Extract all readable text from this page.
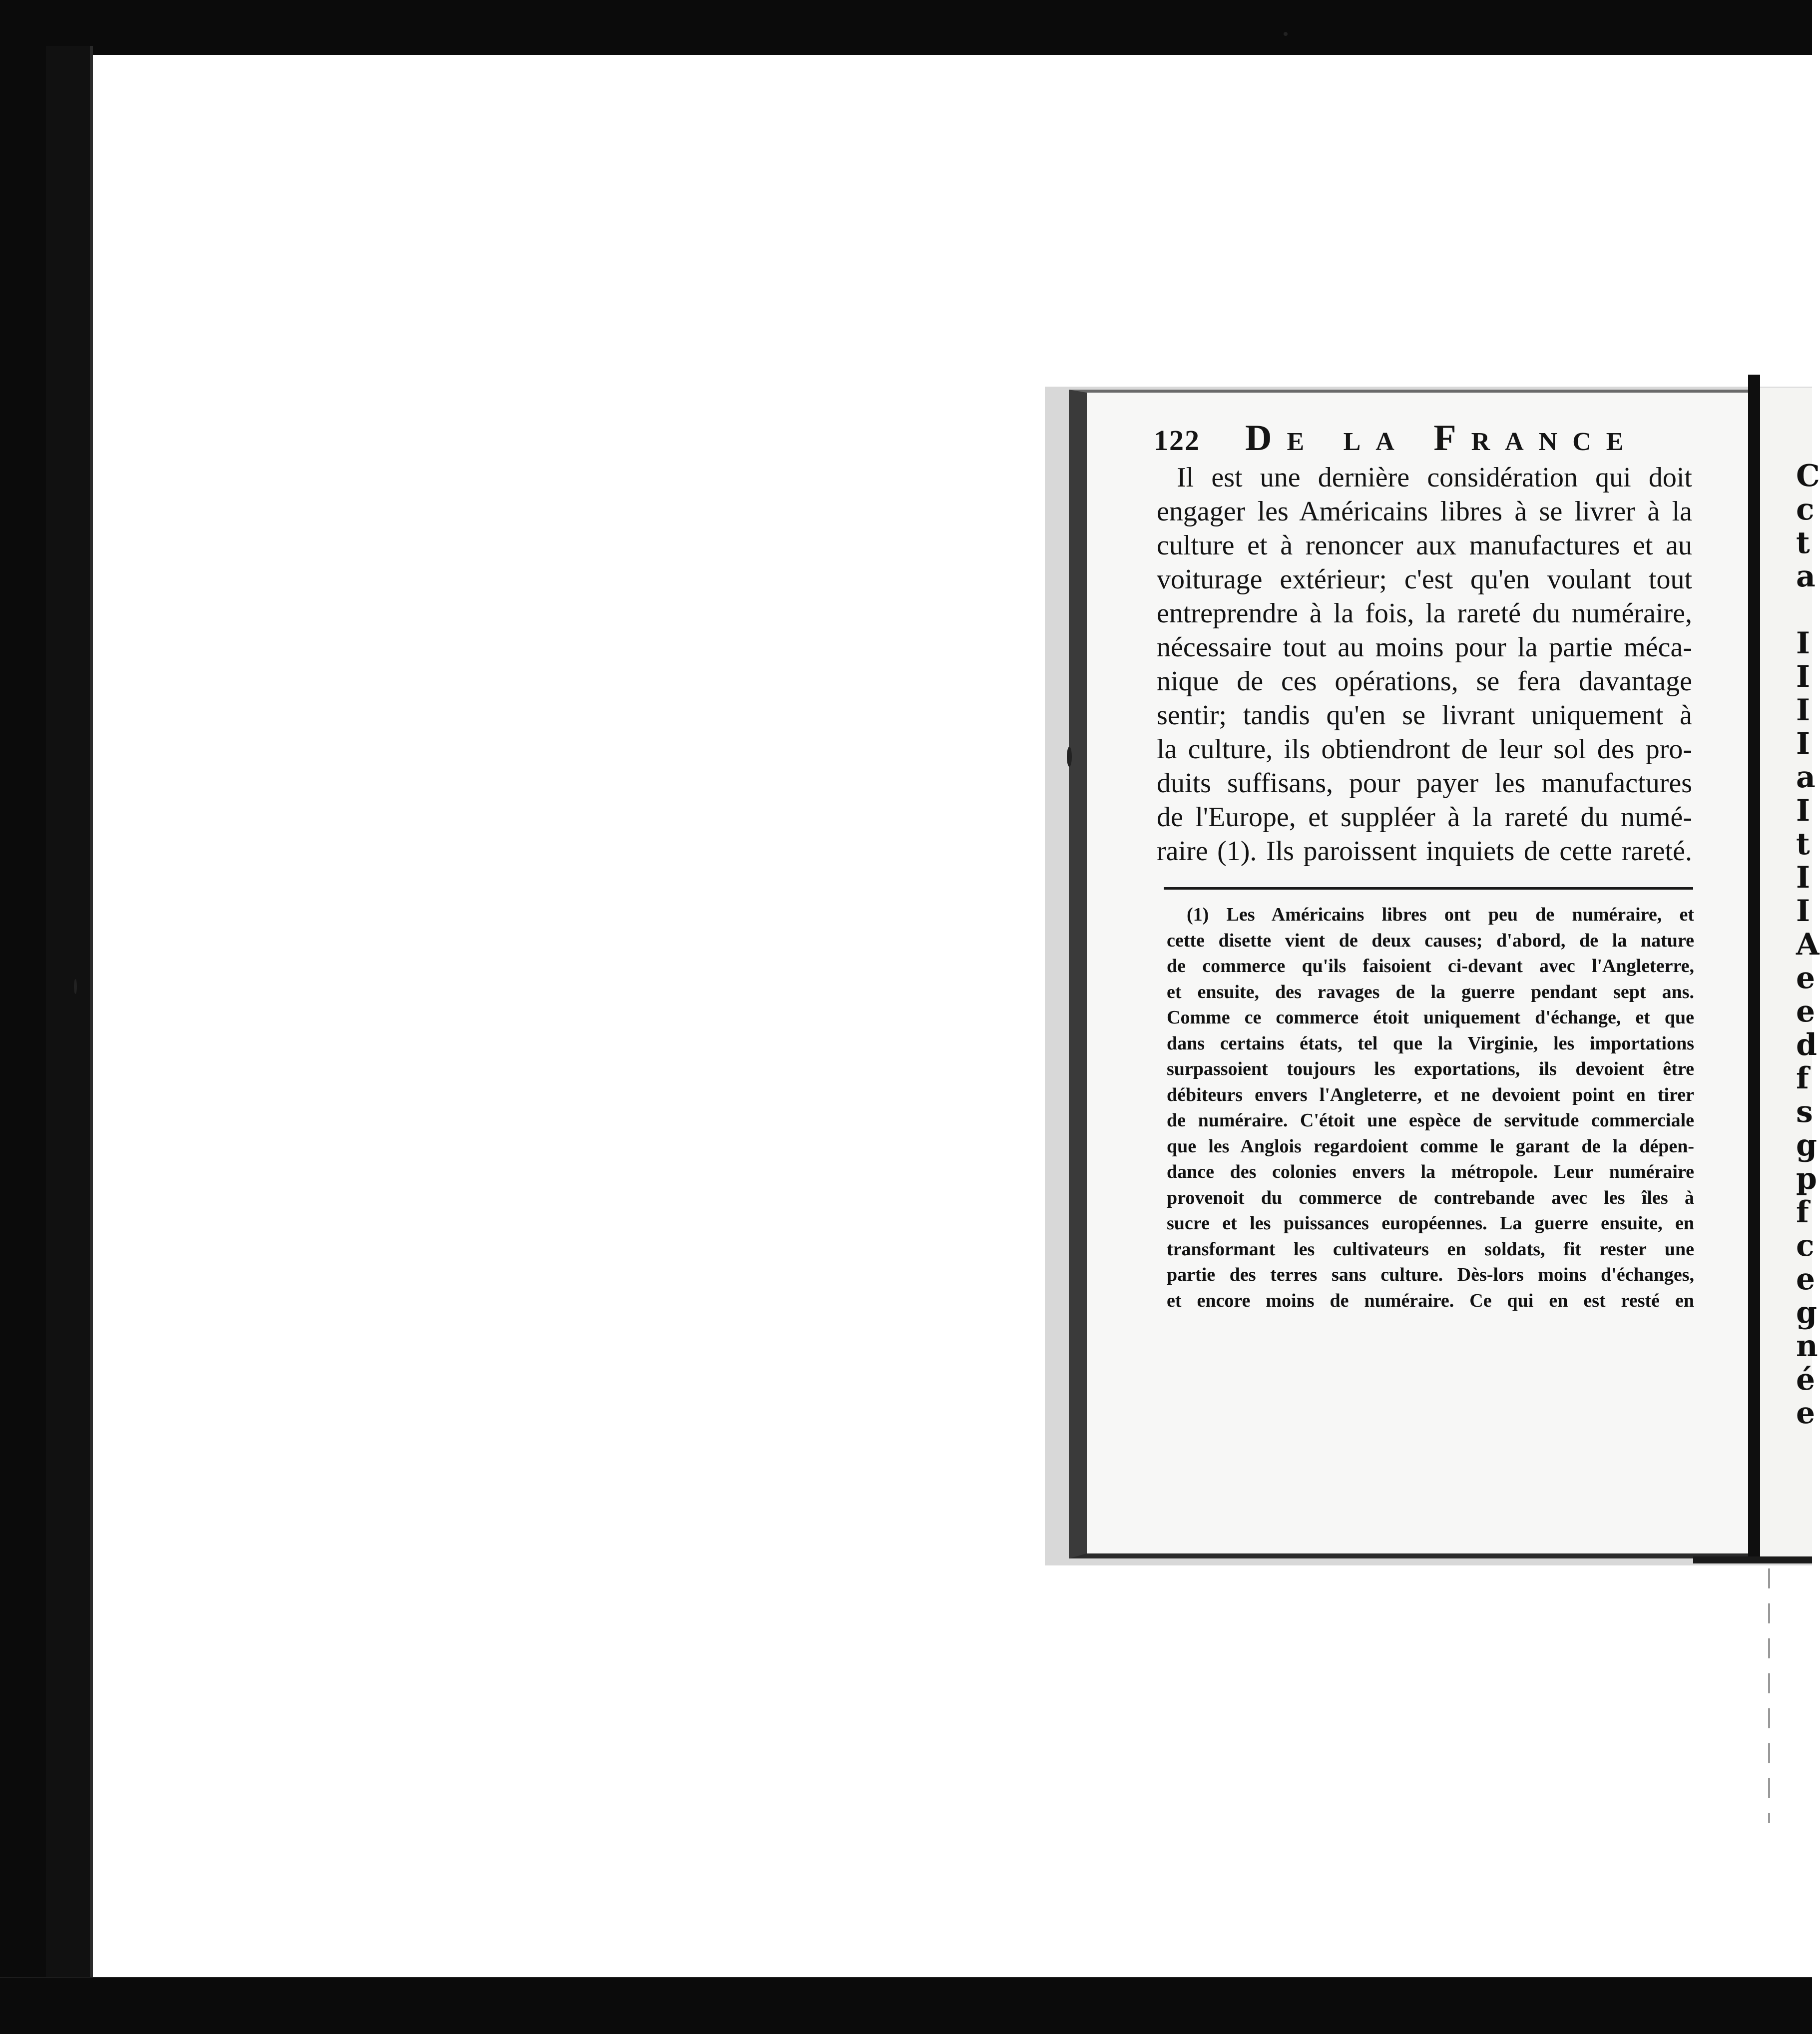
C
c
t
a

I
I
I
I
a
I
t
I
I
A
e
e
d
f
s
g
p
f
c
e
g
n
é
e
122 De la France
Il est une dernière considération qui doit
engager les Américains libres à se livrer à la
culture et à renoncer aux manufactures et au
voiturage extérieur; c'est qu'en voulant tout
entreprendre à la fois, la rareté du numéraire,
nécessaire tout au moins pour la partie méca-
nique de ces opérations, se fera davantage
sentir; tandis qu'en se livrant uniquement à
la culture, ils obtiendront de leur sol des pro-
duits suffisans, pour payer les manufactures
de l'Europe, et suppléer à la rareté du numé-
raire (1). Ils paroissent inquiets de cette rareté.
(1) Les Américains libres ont peu de numéraire, et
cette disette vient de deux causes; d'abord, de la nature
de commerce qu'ils faisoient ci-devant avec l'Angleterre,
et ensuite, des ravages de la guerre pendant sept ans.
Comme ce commerce étoit uniquement d'échange, et que
dans certains états, tel que la Virginie, les importations
surpassoient toujours les exportations, ils devoient être
débiteurs envers l'Angleterre, et ne devoient point en tirer
de numéraire. C'étoit une espèce de servitude commerciale
que les Anglois regardoient comme le garant de la dépen-
dance des colonies envers la métropole. Leur numéraire
provenoit du commerce de contrebande avec les îles à
sucre et les puissances européennes. La guerre ensuite, en
transformant les cultivateurs en soldats, fit rester une
partie des terres sans culture. Dès-lors moins d'échanges,
et encore moins de numéraire. Ce qui en est resté en
